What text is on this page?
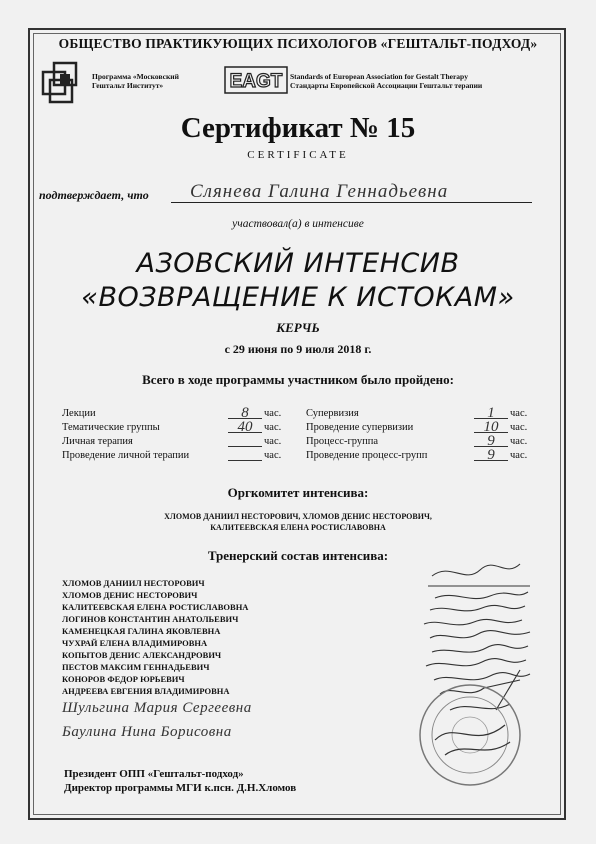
ОБЩЕСТВО ПРАКТИКУЮЩИХ ПСИХОЛОГОВ «ГЕШТАЛЬТ-ПОДХОД»
Программа «Московский
Гештальт Институт»	EAGT Standards of European Association for Gestalt Therapy
Стандарты Европейской Ассоциации Гештальт терапии
Сертификат № 15
CERTIFICATE
подтверждает, что Слянева Галина Геннадьевна
участвовал(а) в интенсиве
АЗОВСКИЙ ИНТЕНСИВ
«ВОЗВРАЩЕНИЕ К ИСТОКАМ»
КЕРЧЬ
с 29 июня по 9 июля 2018 г.
Всего в ходе программы участником было пройдено:
Лекции	8	час.
Тематические группы	40	час.
Личная терапия	час.
Проведение личной терапии	час.
Супервизия	1	час.
Проведение супервизии	10	час.
Процесс-группа	9	час.
Проведение процесс-групп	9	час.
Оргкомитет интенсива:
ХЛОМОВ ДАНИИЛ НЕСТОРОВИЧ, ХЛОМОВ ДЕНИС НЕСТОРОВИЧ,
КАЛИТЕЕВСКАЯ ЕЛЕНА РОСТИСЛАВОВНА
Тренерский состав интенсива:
ХЛОМОВ ДАНИИЛ НЕСТОРОВИЧ
ХЛОМОВ ДЕНИС НЕСТОРОВИЧ
КАЛИТЕЕВСКАЯ ЕЛЕНА РОСТИСЛАВОВНА
ЛОГИНОВ КОНСТАНТИН АНАТОЛЬЕВИЧ
КАМЕНЕЦКАЯ ГАЛИНА ЯКОВЛЕВНА
ЧУХРАЙ ЕЛЕНА ВЛАДИМИРОВНА
КОПЫТОВ ДЕНИС АЛЕКСАНДРОВИЧ
ПЕСТОВ МАКСИМ ГЕННАДЬЕВИЧ
КОНОРОВ ФЕДОР ЮРЬЕВИЧ
АНДРЕЕВА ЕВГЕНИЯ ВЛАДИМИРОВНА
Шульгина Мария Сергеевна
Баулина Нина Борисовна
Президент ОПП «Гештальт-подход»
Директор программы МГИ к.псн. Д.Н.Хломов
